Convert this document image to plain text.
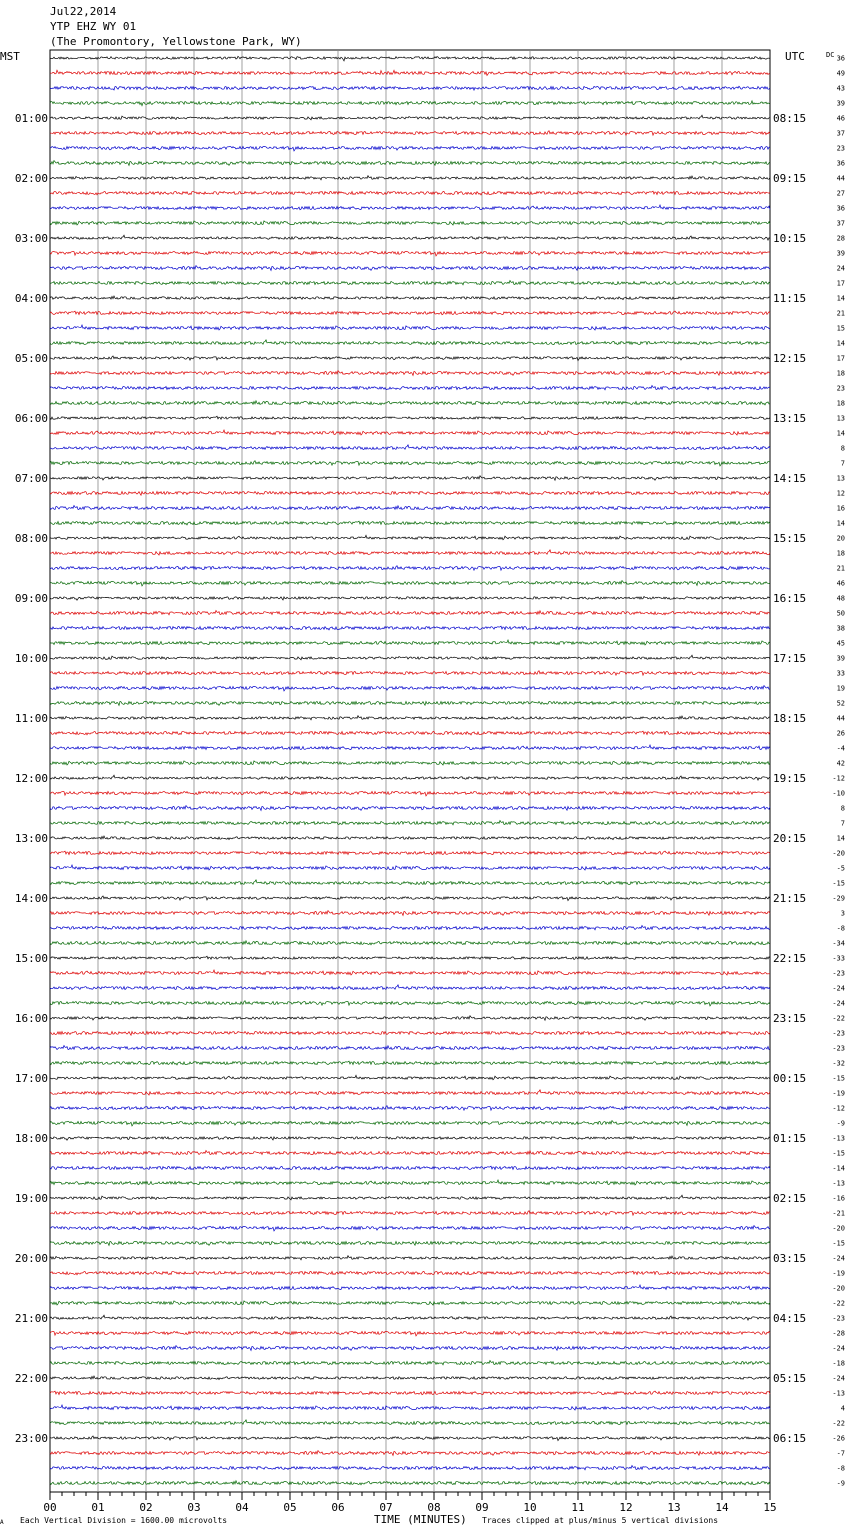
Jul22,2014
YTP EHZ WY 01
(The Promontory, Yellowstone Park, WY)
MST	UTC	DC 36
49
43
39
46
37
23
36
44
27
36
37
28
39
24
17
14
21
15
14
17
18
23
18
13
14
8
7
13
12
16
14
20
18
21
46
48
50
38
45
39
33
19
52
44
26
-4
42
-12
-10
8
7
14
-20
-5
-15
-29
3
-8
-34
-33
-23
-24
-24
-22
-23
-23
-32
-15
-19
-12
-9
-13
-15
-14
-13
-16
-21
-20
-15
-24
-19
-20
-22
-23
-28
-24
-18
-24
-13
4
-22
-26
-7
-8
-9
01:00
02:00
03:00
04:00
05:00
06:00
07:00
08:00
09:00
10:00
11:00
12:00
13:00
14:00
15:00
16:00
17:00
18:00
19:00
20:00
21:00
22:00
23:00
08:15
09:15
10:15
11:15
12:15
13:15
14:15
15:15
16:15
17:15
18:15
19:15
20:15
21:15
22:15
23:15
00:15
01:15
02:15
03:15
04:15
05:15
06:15
00	01	02	03	04	05	06	07	08	09	10	11	12	13	14	15
A Each Vertical Division = 1600.00 microvolts	TIME (MINUTES) Traces clipped at plus/minus 5 vertical divisions
